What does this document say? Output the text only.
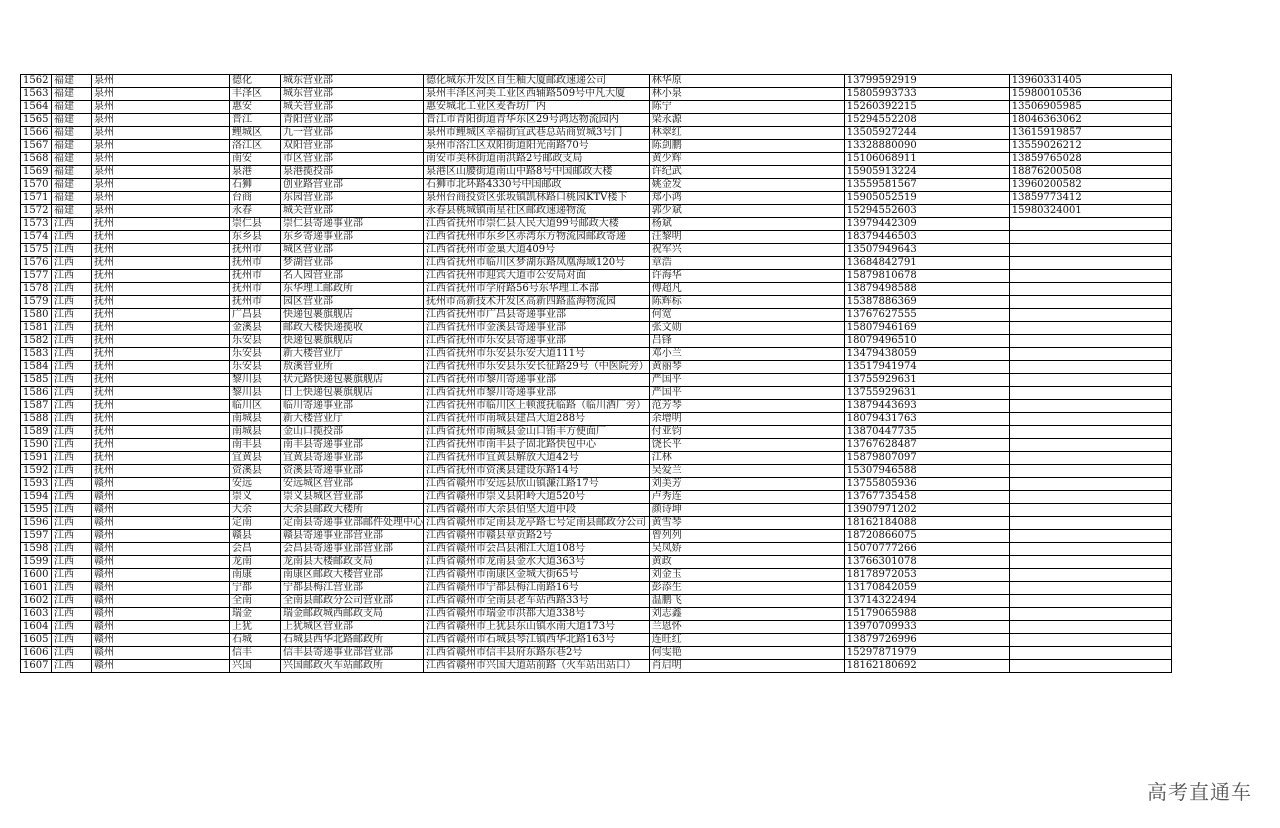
1562	福建	泉州	德化	城东营业部	德化城东开发区自生釉大厦邮政速递公司	林华原	13799592919	13960331405
1563	福建	泉州	丰泽区	城东营业部	泉州丰泽区河美工业区西辅路509号中凡大厦	林小泉	15805993733	15980010536
1564	福建	泉州	惠安	城关营业部	惠安城北工业区麦香坊厂内	陈宁	15260392215	13506905985
1565	福建	泉州	晋江	青阳营业部	晋江市青阳街道青华东区29号鸿达物流园内	梁永源	15294552208	18046363062
1566	福建	泉州	鲤城区	九一营业部	泉州市鲤城区幸福街宜武巷总站商贸城3号门	林翠红	13505927244	13615919857
1567	福建	泉州	洛江区	双阳营业部	泉州市洛江区双阳街道阳光南路70号	陈剑鹏	13328880090	13559026212
1568	福建	泉州	南安	市区营业部	南安市美林街道南洪路2号邮政支局	黄少辉	15106068911	13859765028
1569	福建	泉州	泉港	泉港揽投部	泉港区山腰街道南山中路8号中国邮政大楼	许纪武	15905913224	18876200508
1570	福建	泉州	石狮	创业路营业部	石狮市北环路4330号中国邮政	姚金发	13559581567	13960200582
1571	福建	泉州	台商	东园营业部	泉州台商投资区张坂镇凯林路口桃园KTV楼下	郑小鸿	15905052519	13859773412
1572	福建	泉州	永春	城关营业部	永春县桃城镇南星社区邮政速递物流	郭少斌	15294552603	15980324001
1573	江西	抚州	崇仁县	崇仁县寄递事业部	江西省抚州市崇仁县人民大道99号邮政大楼	杨斌	13979442309	
1574	江西	抚州	东乡县	东乡寄递事业部	江西省抚州市东乡区赤湾东方物流园邮政寄递	汪黎明	18379446503	
1575	江西	抚州	抚州市	城区营业部	江西省抚州市金巢大道409号	祝军兴	13507949643	
1576	江西	抚州	抚州市	梦湖营业部	江西省抚州市临川区梦湖东路凤凰海域120号	章浩	13684842791	
1577	江西	抚州	抚州市	名人园营业部	江西省抚州市迎宾大道市公安局对面	许海华	15879810678	
1578	江西	抚州	抚州市	东华理工邮政所	江西省抚州市学府路56号东华理工本部	傅超凡	13879498588	
1579	江西	抚州	抚州市	园区营业部	抚州市高新技术开发区高新四路蓝海物流园	陈辉标	15387886369	
1580	江西	抚州	广昌县	快递包裹旗舰店	江西省抚州市广昌县寄递事业部	何宽	13767627555	
1581	江西	抚州	金溪县	邮政大楼快递揽收	江西省抚州市金溪县寄递事业部	张文勋	15807946169	
1582	江西	抚州	乐安县	快递包裹旗舰店	江西省抚州市乐安县寄递事业部	吕锋	18079496510	
1583	江西	抚州	乐安县	新大楼营业厅	江西省抚州市乐安县乐安大道111号	邓小兰	13479438059	
1584	江西	抚州	乐安县	敖溪营业所	江西省抚州市乐安县乐安长征路29号（中医院旁）	黄丽琴	13517941974	
1585	江西	抚州	黎川县	状元路快递包裹旗舰店	江西省抚州市黎川寄递事业部	严国平	13755929631	
1586	江西	抚州	黎川县	日上快递包裹旗舰店	江西省抚州市黎川寄递事业部	严国平	13755929631	
1587	江西	抚州	临川区	临川寄递事业部	江西省抚州市临川区上顿渡抚临路（临川酒厂旁）	范芳琴	13879443693	
1588	江西	抚州	南城县	新大楼营业厅	江西省抚州市南城县建昌大道288号	余增明	18079431763	
1589	江西	抚州	南城县	金山口揽投部	江西省抚州市南城县金山口铕丰方便面厂	付亚钧	13870447735	
1590	江西	抚州	南丰县	南丰县寄递事业部	江西省抚州市南丰县子固北路快包中心	饶长平	13767628487	
1591	江西	抚州	宜黄县	宜黄县寄递事业部	江西省抚州市宜黄县解放大道42号	江林	15879807097	
1592	江西	抚州	资溪县	资溪县寄递事业部	江西省抚州市资溪县建设东路14号	吴爱兰	15307946588	
1593	江西	赣州	安远	安远城区营业部	江西省赣州市安远县欣山镇濂江路17号	刘美芳	13755805936	
1594	江西	赣州	崇义	崇义县城区营业部	江西省赣州市崇义县阳岭大道520号	卢秀连	13767735458	
1595	江西	赣州	大余	大余县邮政大楼所	江西省赣州市大余县伯坚大道中段	颜诗坤	13907971202	
1596	江西	赣州	定南	定南县寄递事业部邮件处理中心	江西省赣州市定南县龙亭路七号定南县邮政分公司	黄雪琴	18162184088	
1597	江西	赣州	赣县	赣县寄递事业部营业部	江西省赣州市赣县章贡路2号	曾列列	18720866075	
1598	江西	赣州	会昌	会昌县寄递事业部营业部	江西省赣州市会昌县湘江大道108号	吴凤娇	15070777266	
1599	江西	赣州	龙南	龙南县大楼邮政支局	江西省赣州市龙南县金水大道363号	黄政	13766301078	
1600	江西	赣州	南康	南康区邮政大楼营业部	江西省赣州市南康区金城大街65号	刘金玉	18178972053	
1601	江西	赣州	宁都	宁都县梅江营业部	江西省赣州市宁都县梅江南路16号	彭添生	13170842059	
1602	江西	赣州	全南	全南县邮政分公司营业部	江西省赣州市全南县老车站西路33号	温鹏飞	13714322494	
1603	江西	赣州	瑞金	瑞金邮政城西邮政支局	江西省赣州市瑞金市洪都大道338号	刘志鑫	15179065988	
1604	江西	赣州	上犹	上犹城区营业部	江西省赣州市上犹县东山镇水南大道173号	兰恩怀	13970709933	
1605	江西	赣州	石城	石城县西华北路邮政所	江西省赣州市石城县琴江镇西华北路163号	连旺红	13879726996	
1606	江西	赣州	信丰	信丰县寄递事业部营业部	江西省赣州市信丰县府东路东巷2号	何雯艳	15297871979	
1607	江西	赣州	兴国	兴国邮政火车站邮政所	江西省赣州市兴国大道站前路（火车站出站口）	肖启明	18162180692	
高考直通车
